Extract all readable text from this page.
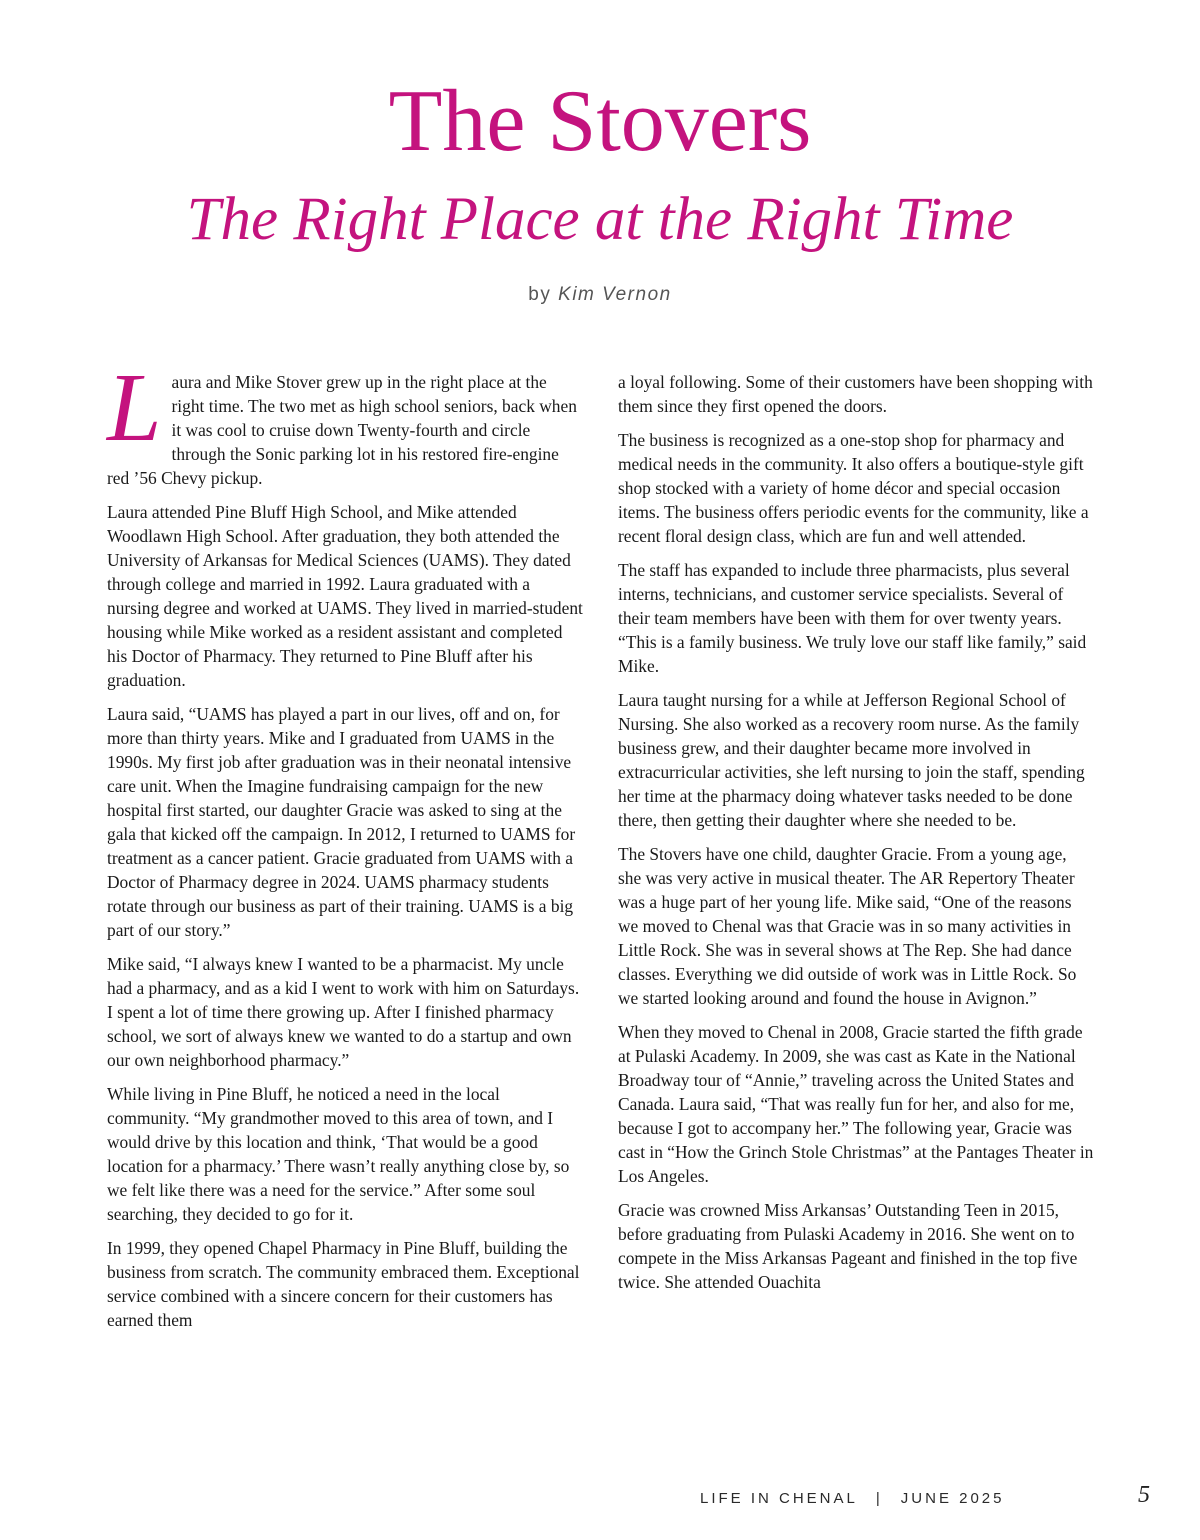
The Stovers
The Right Place at the Right Time
by Kim Vernon

Laura and Mike Stover grew up in the right place at the right time. The two met as high school seniors, back when it was cool to cruise down Twenty-fourth and circle through the Sonic parking lot in his restored fire-engine red ’56 Chevy pickup.

Laura attended Pine Bluff High School, and Mike attended Woodlawn High School. After graduation, they both attended the University of Arkansas for Medical Sciences (UAMS). They dated through college and married in 1992. Laura graduated with a nursing degree and worked at UAMS. They lived in married-student housing while Mike worked as a resident assistant and completed his Doctor of Pharmacy. They returned to Pine Bluff after his graduation.

Laura said, “UAMS has played a part in our lives, off and on, for more than thirty years. Mike and I graduated from UAMS in the 1990s. My first job after graduation was in their neonatal intensive care unit. When the Imagine fundraising campaign for the new hospital first started, our daughter Gracie was asked to sing at the gala that kicked off the campaign. In 2012, I returned to UAMS for treatment as a cancer patient. Gracie graduated from UAMS with a Doctor of Pharmacy degree in 2024. UAMS pharmacy students rotate through our business as part of their training. UAMS is a big part of our story.”

Mike said, “I always knew I wanted to be a pharmacist. My uncle had a pharmacy, and as a kid I went to work with him on Saturdays. I spent a lot of time there growing up. After I finished pharmacy school, we sort of always knew we wanted to do a startup and own our own neighborhood pharmacy.”

While living in Pine Bluff, he noticed a need in the local community. “My grandmother moved to this area of town, and I would drive by this location and think, ‘That would be a good location for a pharmacy.’ There wasn’t really anything close by, so we felt like there was a need for the service.” After some soul searching, they decided to go for it.

In 1999, they opened Chapel Pharmacy in Pine Bluff, building the business from scratch. The community embraced them. Exceptional service combined with a sincere concern for their customers has earned them

a loyal following. Some of their customers have been shopping with them since they first opened the doors.

The business is recognized as a one-stop shop for pharmacy and medical needs in the community. It also offers a boutique-style gift shop stocked with a variety of home décor and special occasion items. The business offers periodic events for the community, like a recent floral design class, which are fun and well attended.

The staff has expanded to include three pharmacists, plus several interns, technicians, and customer service specialists. Several of their team members have been with them for over twenty years. “This is a family business. We truly love our staff like family,” said Mike.

Laura taught nursing for a while at Jefferson Regional School of Nursing. She also worked as a recovery room nurse. As the family business grew, and their daughter became more involved in extracurricular activities, she left nursing to join the staff, spending her time at the pharmacy doing whatever tasks needed to be done there, then getting their daughter where she needed to be.

The Stovers have one child, daughter Gracie. From a young age, she was very active in musical theater. The AR Repertory Theater was a huge part of her young life. Mike said, “One of the reasons we moved to Chenal was that Gracie was in so many activities in Little Rock. She was in several shows at The Rep. She had dance classes. Everything we did outside of work was in Little Rock. So we started looking around and found the house in Avignon.”

When they moved to Chenal in 2008, Gracie started the fifth grade at Pulaski Academy. In 2009, she was cast as Kate in the National Broadway tour of “Annie,” traveling across the United States and Canada. Laura said, “That was really fun for her, and also for me, because I got to accompany her.” The following year, Gracie was cast in “How the Grinch Stole Christmas” at the Pantages Theater in Los Angeles.

Gracie was crowned Miss Arkansas’ Outstanding Teen in 2015, before graduating from Pulaski Academy in 2016. She went on to compete in the Miss Arkansas Pageant and finished in the top five twice. She attended Ouachita

LIFE IN CHENAL | JUNE 2025	5
